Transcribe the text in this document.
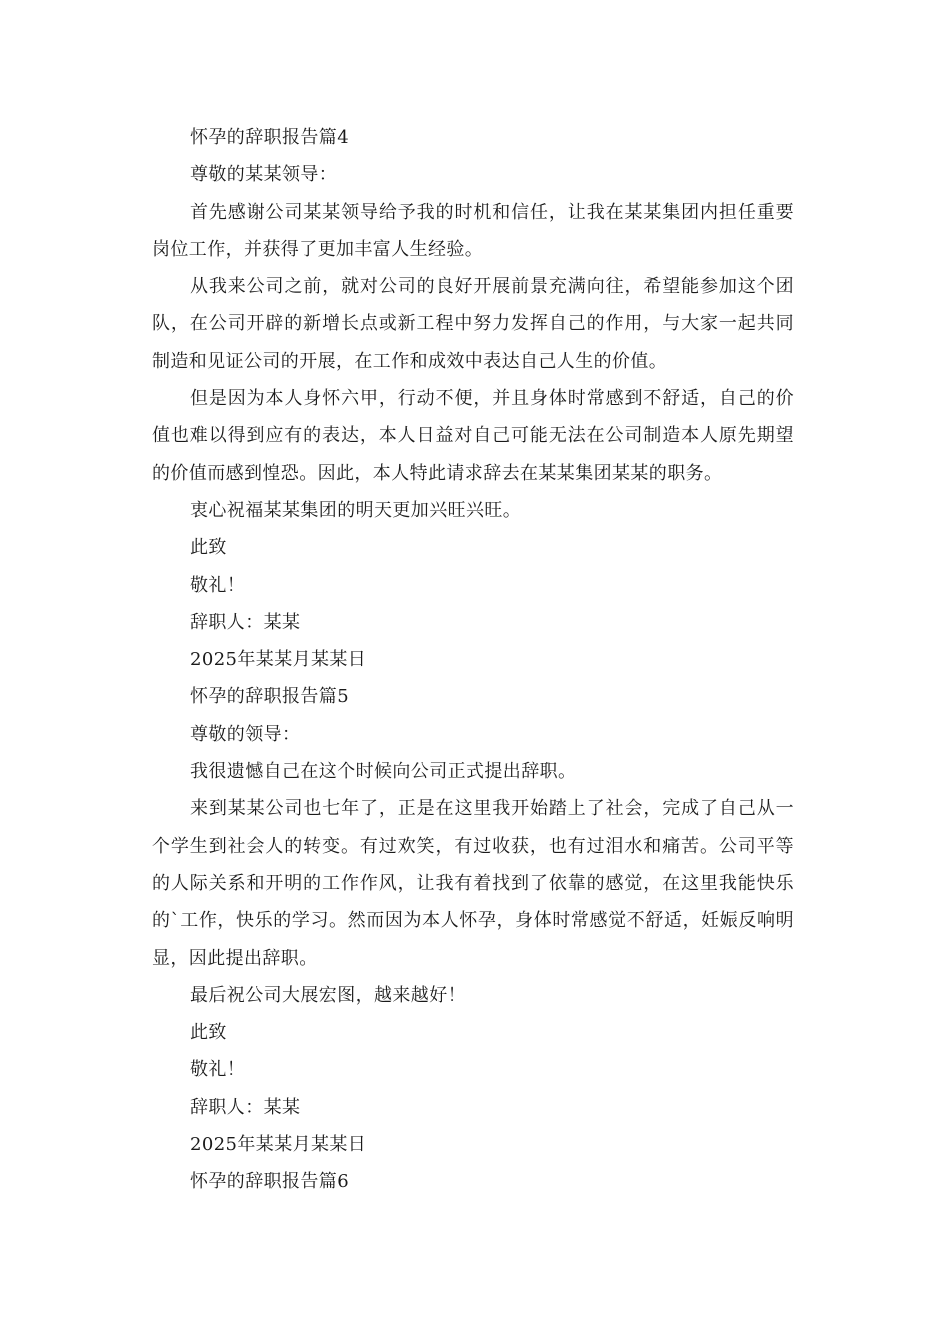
怀孕的辞职报告篇4

尊敬的某某领导：

首先感谢公司某某领导给予我的时机和信任，让我在某某集团内担任重要岗位工作，并获得了更加丰富人生经验。

从我来公司之前，就对公司的良好开展前景充满向往，希望能参加这个团队，在公司开辟的新增长点或新工程中努力发挥自己的作用，与大家一起共同制造和见证公司的开展，在工作和成效中表达自己人生的价值。

但是因为本人身怀六甲，行动不便，并且身体时常感到不舒适，自己的价值也难以得到应有的表达，本人日益对自己可能无法在公司制造本人原先期望的价值而感到惶恐。因此，本人特此请求辞去在某某集团某某的职务。

衷心祝福某某集团的明天更加兴旺兴旺。

此致

敬礼！

辞职人：某某

2025年某某月某某日

怀孕的辞职报告篇5

尊敬的领导：

我很遗憾自己在这个时候向公司正式提出辞职。

来到某某公司也七年了，正是在这里我开始踏上了社会，完成了自己从一个学生到社会人的转变。有过欢笑，有过收获，也有过泪水和痛苦。公司平等的人际关系和开明的工作作风，让我有着找到了依靠的感觉，在这里我能快乐的`工作，快乐的学习。然而因为本人怀孕，身体时常感觉不舒适，妊娠反响明显，因此提出辞职。

最后祝公司大展宏图，越来越好！

此致

敬礼！

辞职人：某某

2025年某某月某某日

怀孕的辞职报告篇6
